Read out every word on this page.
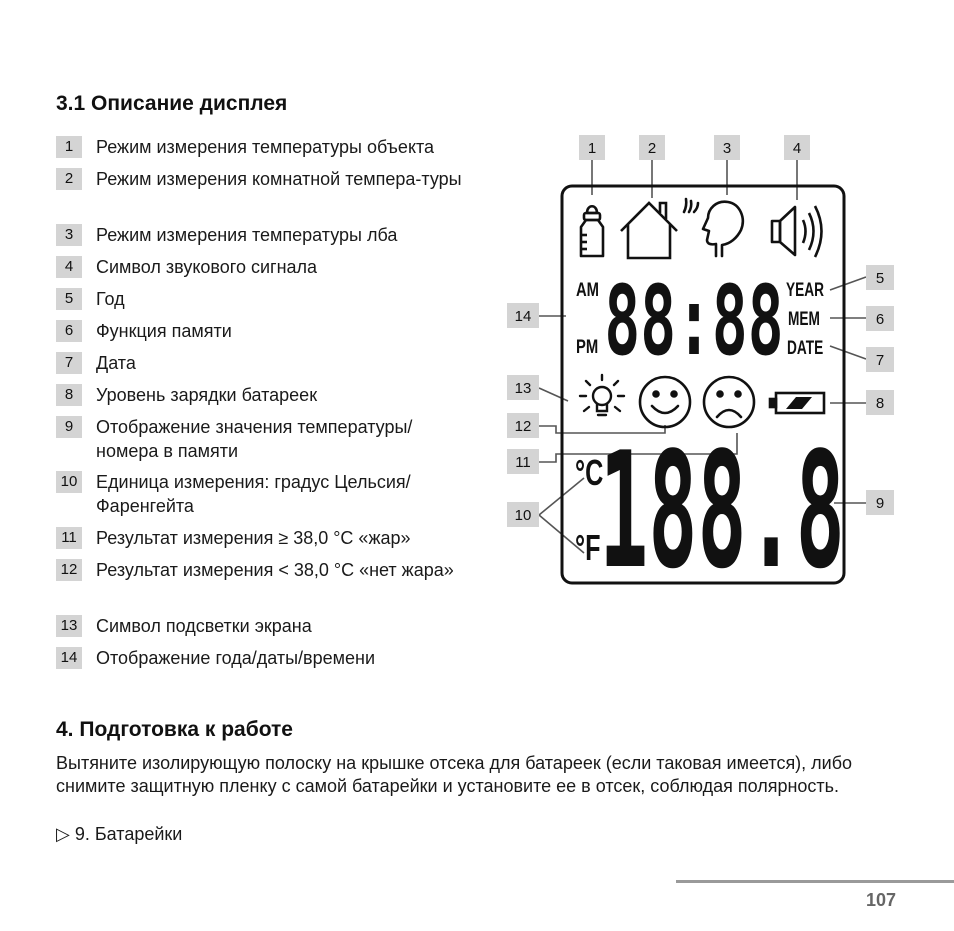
3.1 Описание дисплея
1	Режим измерения температуры объекта
2	Режим измерения комнатной темпера-туры
3	Режим измерения температуры лба
4	Символ звукового сигнала
5	Год
6	Функция памяти
7	Дата
8	Уровень зарядки батареек
9	Отображение значения температуры/ номера в памяти
10 Единица измерения: градус Цельсия/ Фаренгейта
11 Результат измерения ≥ 38,0 °C «жар»
12 Результат измерения < 38,0 °C «нет жара»
13 Символ подсветки экрана
14 Отображение года/даты/времени
AM
PM
YEAR
MEM
DATE
88:88
°C
°F
188.8
1	2	3	4
5
6
7
8
9
10
11
12
13
14
4. Подготовка к работе

Вытяните изолирующую полоску на крышке отсека для батареек (если таковая имеется), либо снимите защитную пленку с самой батарейки и установите ее в отсек, соблюдая полярность.

▷ 9. Батарейки
107
